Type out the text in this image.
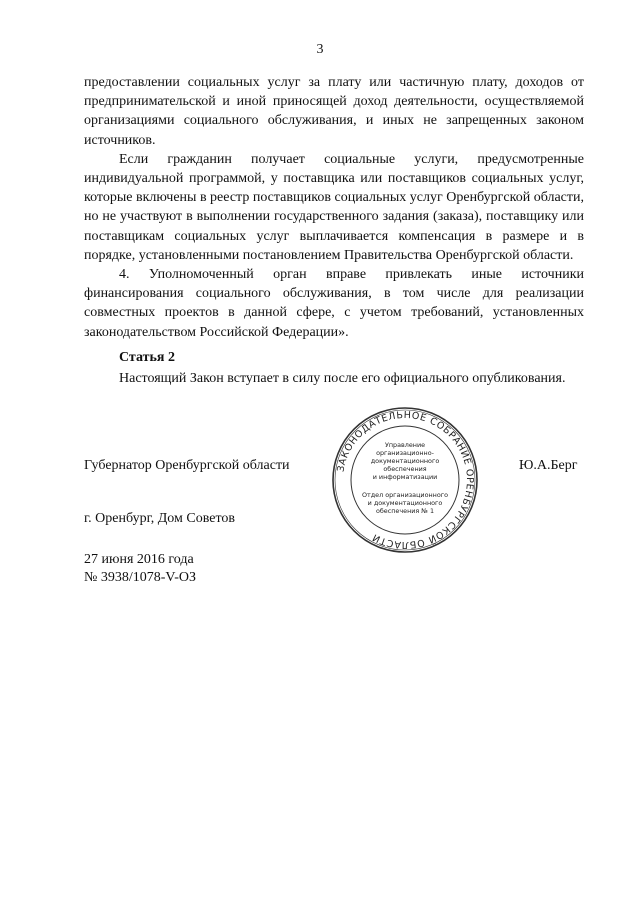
3

предоставлении социальных услуг за плату или частичную плату, доходов от предпринимательской и иной приносящей доход деятельности, осуществляемой организациями социального обслуживания, и иных не запрещенных законом источников.

Если гражданин получает социальные услуги, предусмотренные индивидуальной программой, у поставщика или поставщиков социальных услуг, которые включены в реестр поставщиков социальных услуг Оренбургской области, но не участвуют в выполнении государственного задания (заказа), поставщику или поставщикам социальных услуг выплачивается компенсация в размере и в порядке, установленными постановлением Правительства Оренбургской области.

4. Уполномоченный орган вправе привлекать иные источники финансирования социального обслуживания, в том числе для реализации совместных проектов в данной сфере, с учетом требований, установленных законодательством Российской Федерации».

Статья 2

Настоящий Закон вступает в силу после его официального опубликования.

Губернатор Оренбургской области	Ю.А.Берг
г. Оренбург, Дом Советов
27 июня 2016 года
№ 3938/1078-V-ОЗ
ЗАКОНОДАТЕЛЬНОЕ СОБРАНИЕ ОРЕНБУРГСКОЙ ОБЛАСТИ
Управление
организационно-
документационного
обеспечения
и информатизации
Отдел организационного
и документационного
обеспечения № 1
